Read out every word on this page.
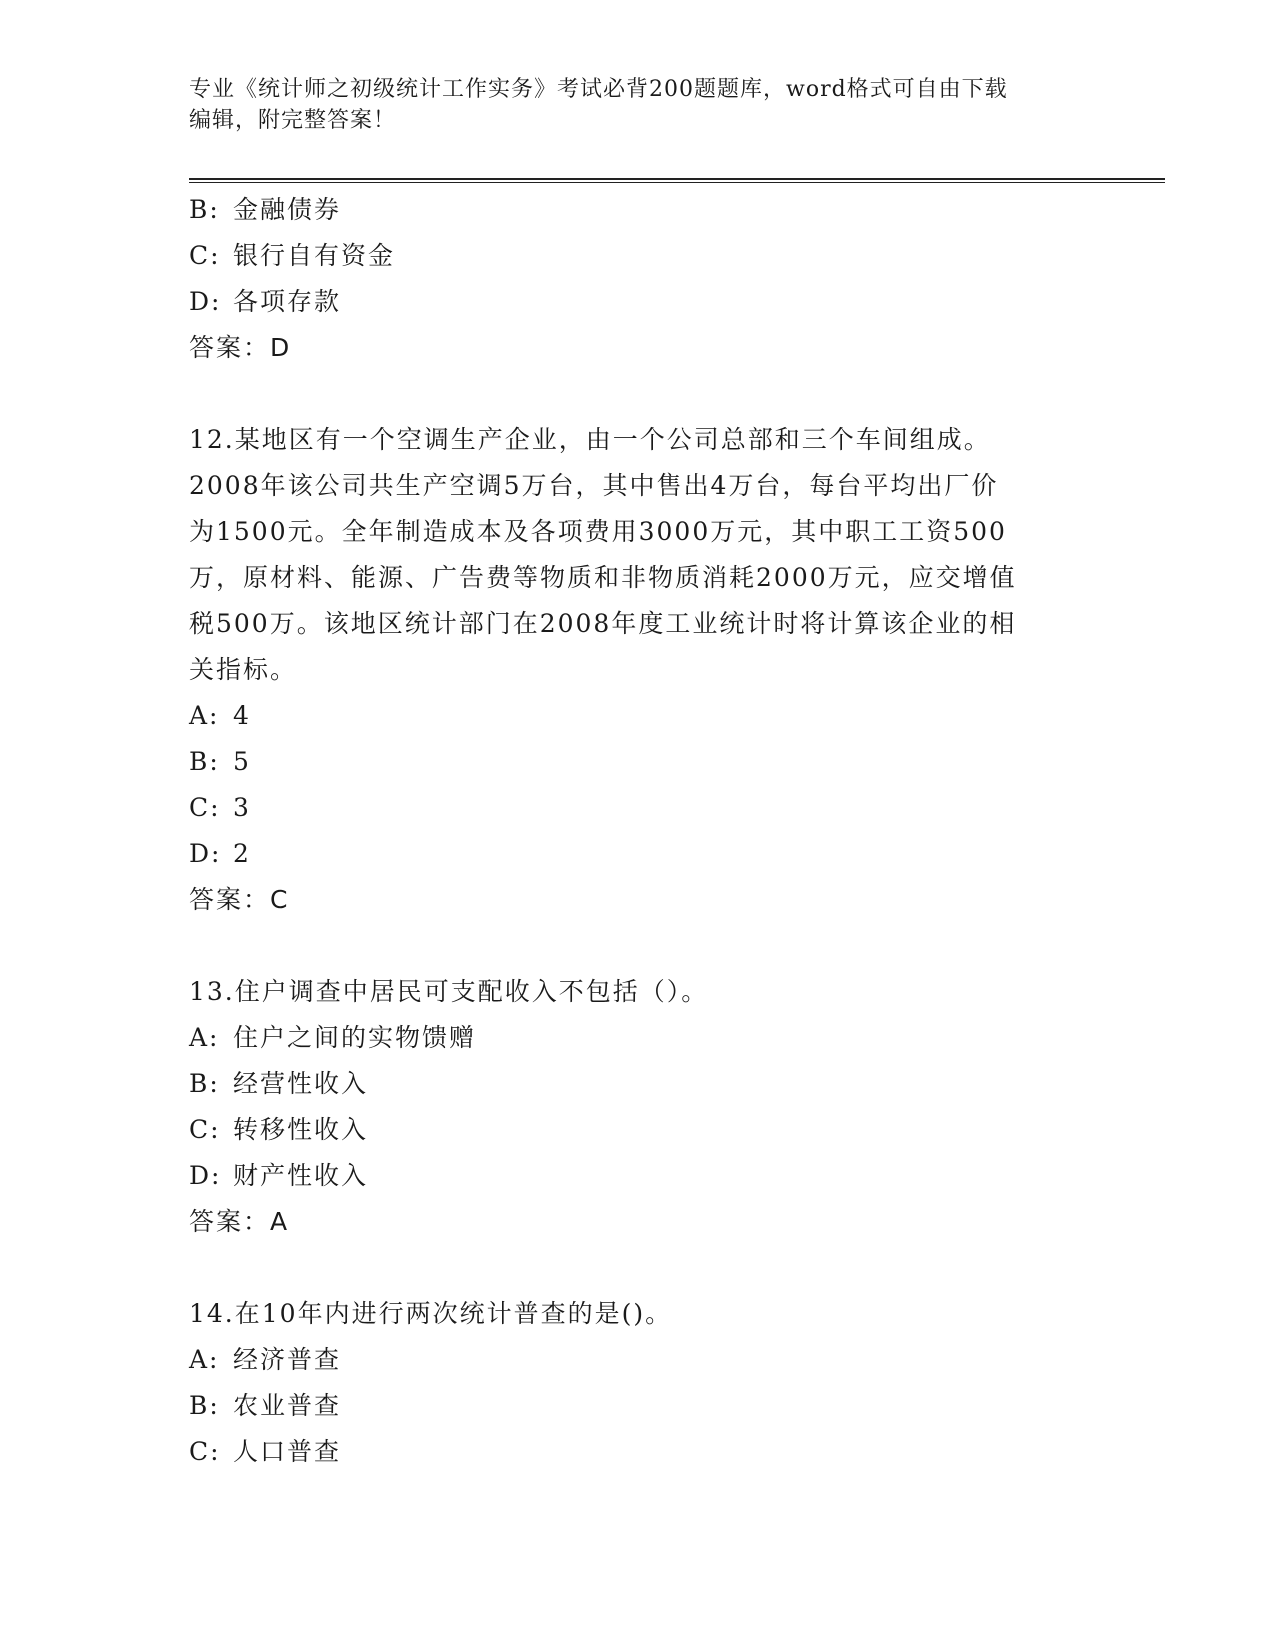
专业《统计师之初级统计工作实务》考试必背200题题库，word格式可自由下载
编辑，附完整答案！

B: 金融债券

C: 银行自有资金

D: 各项存款

答案：D

12.某地区有一个空调生产企业，由一个公司总部和三个车间组成。

2008年该公司共生产空调5万台，其中售出4万台，每台平均出厂价

为1500元。全年制造成本及各项费用3000万元，其中职工工资500

万，原材料、能源、广告费等物质和非物质消耗2000万元，应交增值

税500万。该地区统计部门在2008年度工业统计时将计算该企业的相

关指标。

A: 4

B: 5

C: 3

D: 2

答案：C

13.住户调查中居民可支配收入不包括（）。

A: 住户之间的实物馈赠

B: 经营性收入

C: 转移性收入

D: 财产性收入

答案：A

14.在10年内进行两次统计普查的是()。

A: 经济普查

B: 农业普查

C: 人口普查
